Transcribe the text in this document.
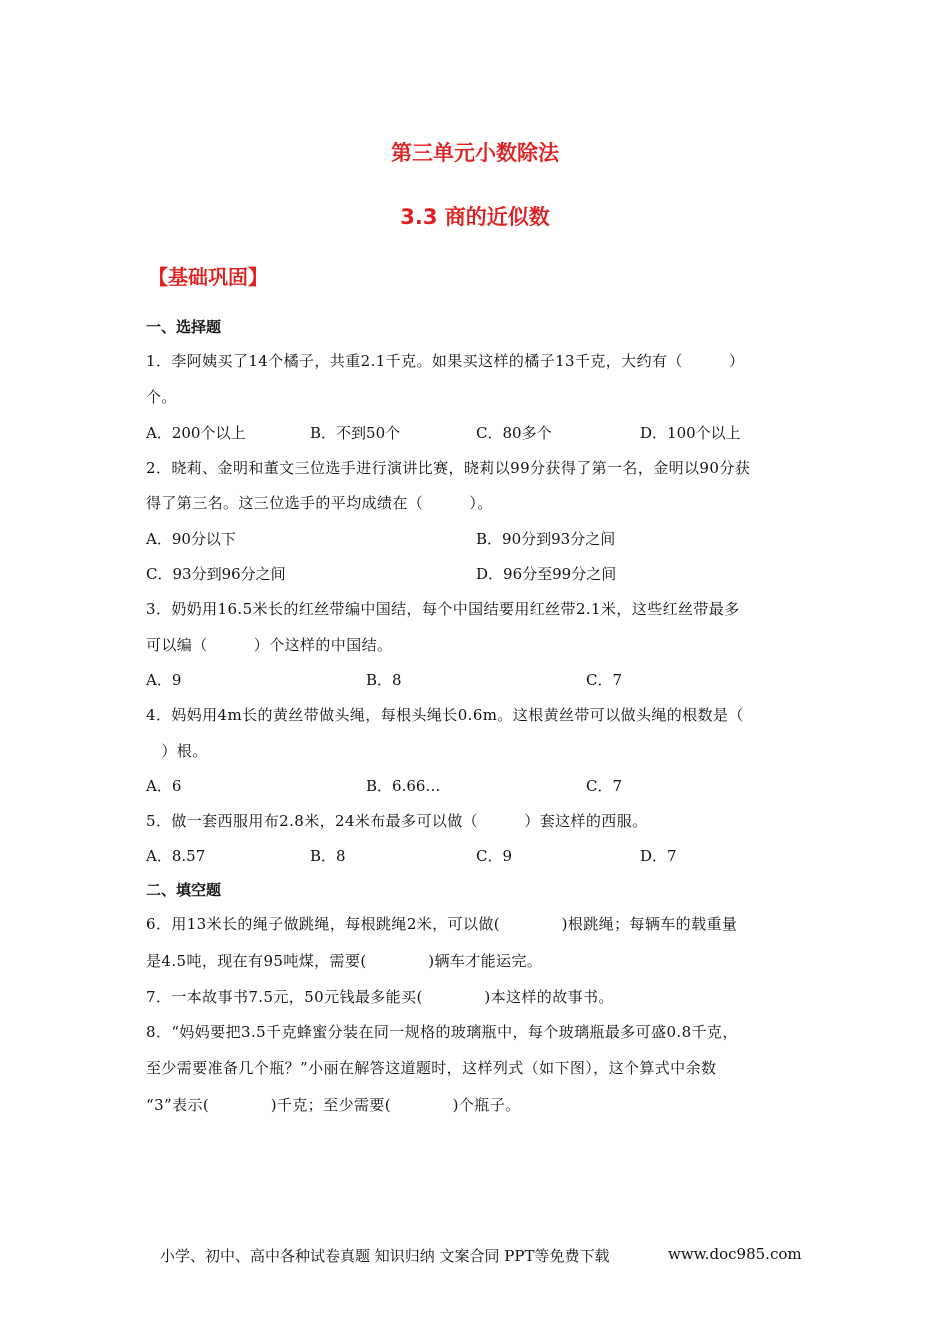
第三单元小数除法
3.3 商的近似数
【基础巩固】
一、选择题
1．李阿姨买了14个橘子，共重2.1千克。如果买这样的橘子13千克，大约有（　　　）
个。
A．200个以上	B．不到50个	C．80多个	D．100个以上
2．晓莉、金明和董文三位选手进行演讲比赛，晓莉以99分获得了第一名，金明以90分获
得了第三名。这三位选手的平均成绩在（　　　）。
A．90分以下	B．90分到93分之间
C．93分到96分之间	D．96分至99分之间
3．奶奶用16.5米长的红丝带编中国结，每个中国结要用红丝带2.1米，这些红丝带最多
可以编（　　　）个这样的中国结。
A．9	B．8	C．7
4．妈妈用4m长的黄丝带做头绳，每根头绳长0.6m。这根黄丝带可以做头绳的根数是（
　）根。
A．6	B．6.66…	C．7
5．做一套西服用布2.8米，24米布最多可以做（　　　）套这样的西服。
A．8.57	B．8	C．9	D．7
二、填空题
6．用13米长的绳子做跳绳，每根跳绳2米，可以做(　　　　)根跳绳；每辆车的载重量
是4.5吨，现在有95吨煤，需要(　　　　)辆车才能运完。
7．一本故事书7.5元，50元钱最多能买(　　　　)本这样的故事书。
8．“妈妈要把3.5千克蜂蜜分装在同一规格的玻璃瓶中，每个玻璃瓶最多可盛0.8千克，
至少需要准备几个瓶？”小丽在解答这道题时，这样列式（如下图），这个算式中余数
“3”表示(　　　　)千克；至少需要(　　　　)个瓶子。
小学、初中、高中各种试卷真题 知识归纳 文案合同 PPT等免费下载	www.doc985.com
